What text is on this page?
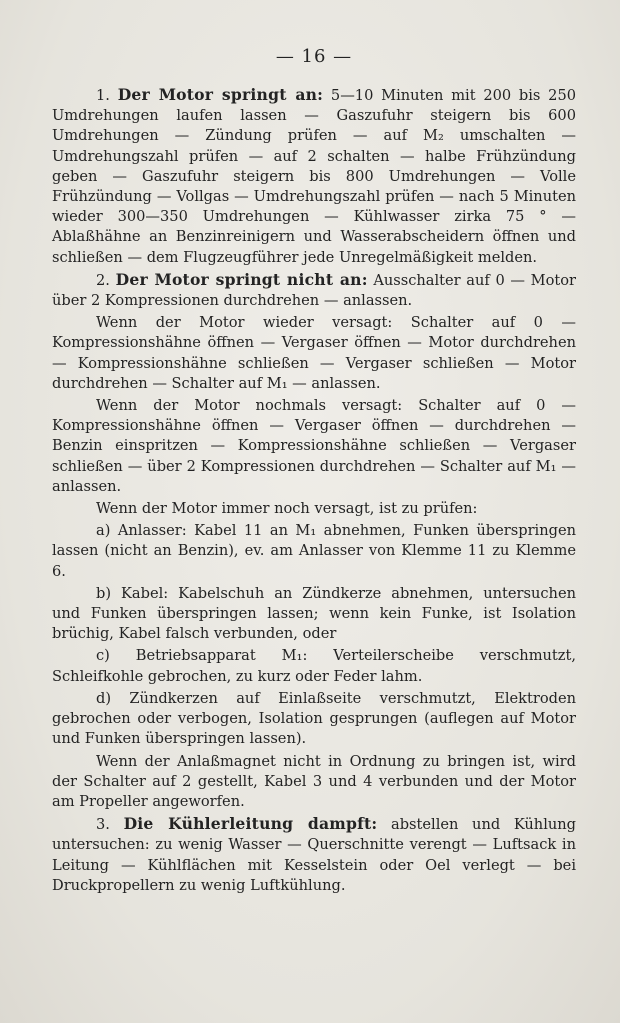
— 16 —

1. Der Motor springt an: 5—10 Minuten mit 200 bis 250 Umdrehungen laufen lassen — Gaszufuhr steigern bis 600 Umdrehungen — Zündung prüfen — auf M₂ umschalten — Umdrehungszahl prüfen — auf 2 schalten — halbe Frühzündung geben — Gaszufuhr steigern bis 800 Umdrehungen — Volle Frühzündung — Vollgas — Umdrehungszahl prüfen — nach 5 Minuten wieder 300—350 Umdrehungen — Kühlwasser zirka 75 ° — Ablaßhähne an Benzinreinigern und Wasserabscheidern öffnen und schließen — dem Flugzeugführer jede Unregelmäßigkeit melden.

2. Der Motor springt nicht an: Ausschalter auf 0 — Motor über 2 Kompressionen durchdrehen — anlassen.

Wenn der Motor wieder versagt: Schalter auf 0 — Kompressionshähne öffnen — Vergaser öffnen — Motor durchdrehen — Kompressionshähne schließen — Vergaser schließen — Motor durchdrehen — Schalter auf M₁ — anlassen.

Wenn der Motor nochmals versagt: Schalter auf 0 — Kompressionshähne öffnen — Vergaser öffnen — durchdrehen — Benzin einspritzen — Kompressionshähne schließen — Vergaser schließen — über 2 Kompressionen durchdrehen — Schalter auf M₁ — anlassen.

Wenn der Motor immer noch versagt, ist zu prüfen:

a) Anlasser: Kabel 11 an M₁ abnehmen, Funken überspringen lassen (nicht an Benzin), ev. am Anlasser von Klemme 11 zu Klemme 6.

b) Kabel: Kabelschuh an Zündkerze abnehmen, untersuchen und Funken überspringen lassen; wenn kein Funke, ist Isolation brüchig, Kabel falsch verbunden, oder

c) Betriebsapparat M₁: Verteilerscheibe verschmutzt, Schleifkohle gebrochen, zu kurz oder Feder lahm.

d) Zündkerzen auf Einlaßseite verschmutzt, Elektroden gebrochen oder verbogen, Isolation gesprungen (auflegen auf Motor und Funken überspringen lassen).

Wenn der Anlaßmagnet nicht in Ordnung zu bringen ist, wird der Schalter auf 2 gestellt, Kabel 3 und 4 verbunden und der Motor am Propeller angeworfen.

3. Die Kühlerleitung dampft: abstellen und Kühlung untersuchen: zu wenig Wasser — Querschnitte verengt — Luftsack in Leitung — Kühlflächen mit Kesselstein oder Oel verlegt — bei Druckpropellern zu wenig Luftkühlung.
